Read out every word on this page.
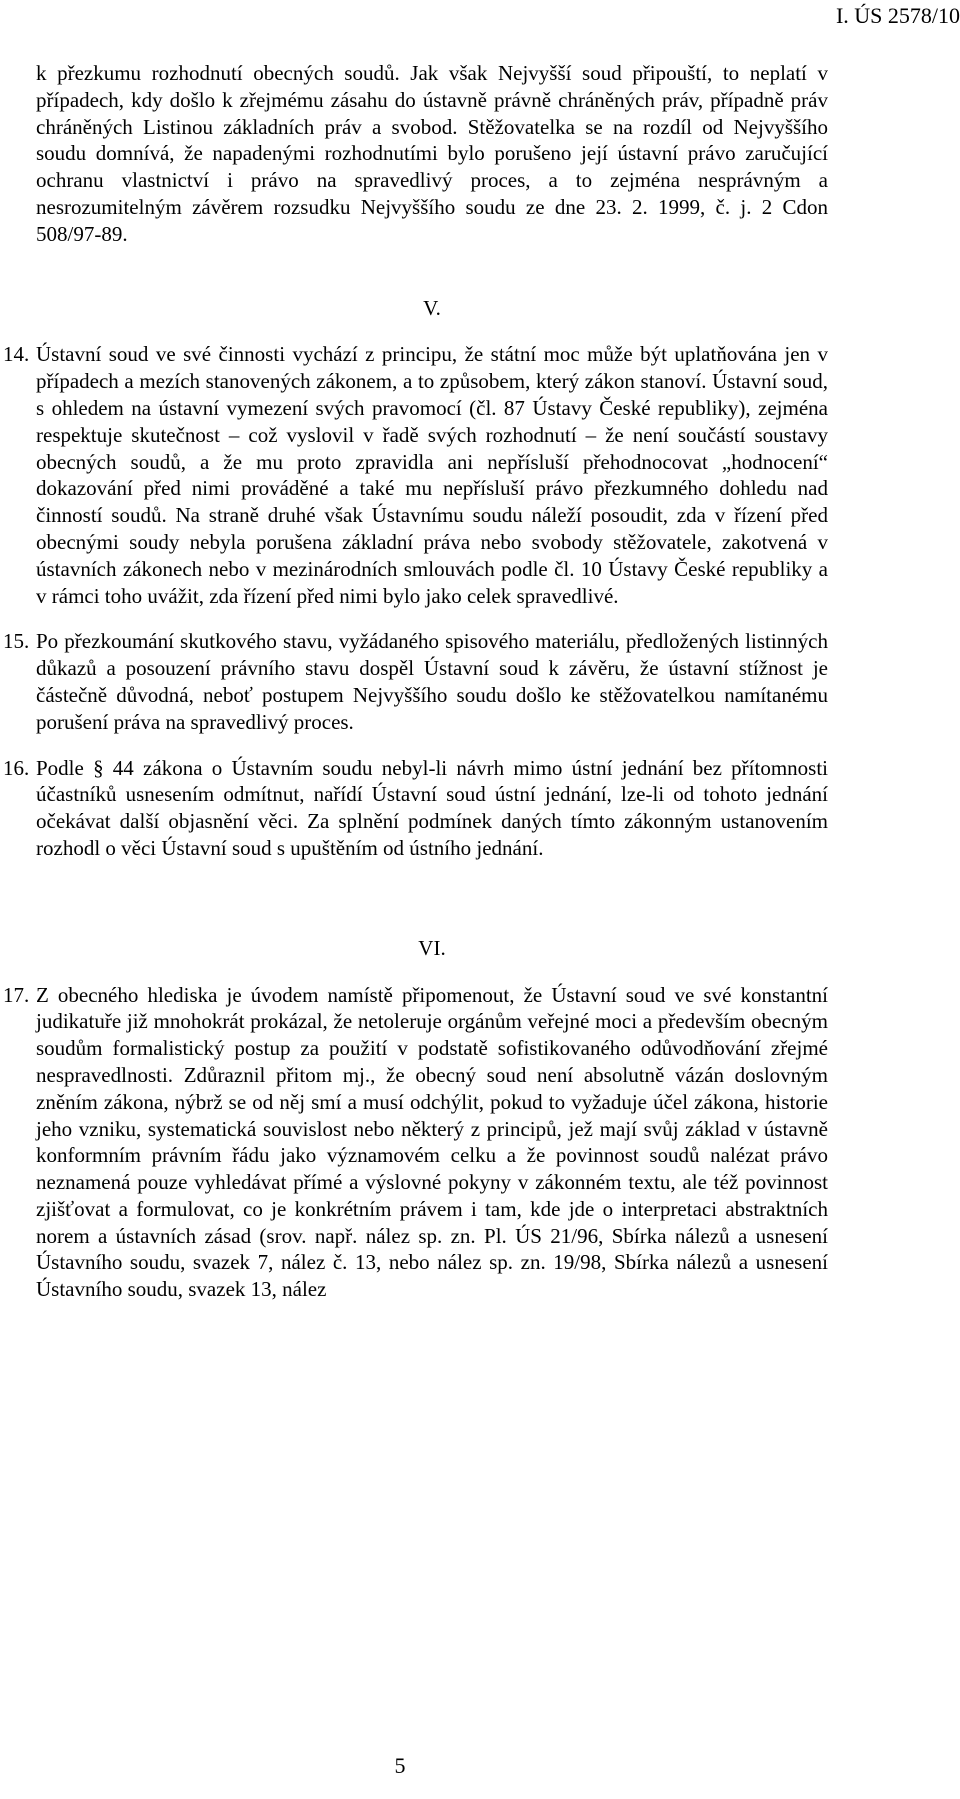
I. ÚS 2578/10

k přezkumu rozhodnutí obecných soudů. Jak však Nejvyšší soud připouští, to neplatí v případech, kdy došlo k zřejmému zásahu do ústavně právně chráněných práv, případně práv chráněných Listinou základních práv a svobod. Stěžovatelka se na rozdíl od Nejvyššího soudu domnívá, že napadenými rozhodnutími bylo porušeno její ústavní právo zaručující ochranu vlastnictví i právo na spravedlivý proces, a to zejména nesprávným a nesrozumitelným závěrem rozsudku Nejvyššího soudu ze dne 23. 2. 1999, č. j. 2 Cdon 508/97-89.

V.

14. Ústavní soud ve své činnosti vychází z principu, že státní moc může být uplatňována jen v případech a mezích stanovených zákonem, a to způsobem, který zákon stanoví. Ústavní soud, s ohledem na ústavní vymezení svých pravomocí (čl. 87 Ústavy České republiky), zejména respektuje skutečnost – což vyslovil v řadě svých rozhodnutí – že není součástí soustavy obecných soudů, a že mu proto zpravidla ani nepřísluší přehodnocovat „hodnocení“ dokazování před nimi prováděné a také mu nepřísluší právo přezkumného dohledu nad činností soudů. Na straně druhé však Ústavnímu soudu náleží posoudit, zda v řízení před obecnými soudy nebyla porušena základní práva nebo svobody stěžovatele, zakotvená v ústavních zákonech nebo v mezinárodních smlouvách podle čl. 10 Ústavy České republiky a v rámci toho uvážit, zda řízení před nimi bylo jako celek spravedlivé.
15. Po přezkoumání skutkového stavu, vyžádaného spisového materiálu, předložených listinných důkazů a posouzení právního stavu dospěl Ústavní soud k závěru, že ústavní stížnost je částečně důvodná, neboť postupem Nejvyššího soudu došlo ke stěžovatelkou namítanému porušení práva na spravedlivý proces.
16. Podle § 44 zákona o Ústavním soudu nebyl-li návrh mimo ústní jednání bez přítomnosti účastníků usnesením odmítnut, nařídí Ústavní soud ústní jednání, lze-li od tohoto jednání očekávat další objasnění věci. Za splnění podmínek daných tímto zákonným ustanovením rozhodl o věci Ústavní soud s upuštěním od ústního jednání.

VI.

17. Z obecného hlediska je úvodem namístě připomenout, že Ústavní soud ve své konstantní judikatuře již mnohokrát prokázal, že netoleruje orgánům veřejné moci a především obecným soudům formalistický postup za použití v podstatě sofistikovaného odůvodňování zřejmé nespravedlnosti. Zdůraznil přitom mj., že obecný soud není absolutně vázán doslovným zněním zákona, nýbrž se od něj smí a musí odchýlit, pokud to vyžaduje účel zákona, historie jeho vzniku, systematická souvislost nebo některý z principů, jež mají svůj základ v ústavně konformním právním řádu jako významovém celku a že povinnost soudů nalézat právo neznamená pouze vyhledávat přímé a výslovné pokyny v zákonném textu, ale též povinnost zjišťovat a formulovat, co je konkrétním právem i tam, kde jde o interpretaci abstraktních norem a ústavních zásad (srov. např. nález sp. zn. Pl. ÚS 21/96, Sbírka nálezů a usnesení Ústavního soudu, svazek 7, nález č. 13, nebo nález sp. zn. 19/98, Sbírka nálezů a usnesení Ústavního soudu, svazek 13, nález
5
